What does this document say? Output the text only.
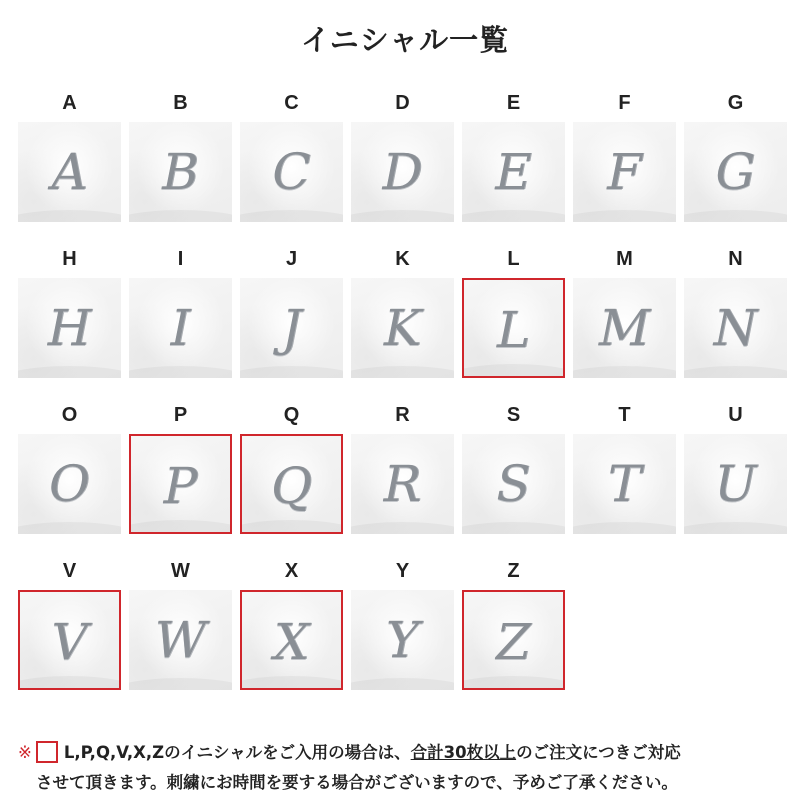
イニシャル一覧
A
A
B
B
C
C
D
D
E
E
F
F
G
G
H
H
I
I
J
J
K
K
L
L
M
M
N
N
O
O
P
P
Q
Q
R
R
S
S
T
T
U
U
V
V
W
W
X
X
Y
Y
Z
Z
※ L,P,Q,V,X,Zのイニシャルをご入用の場合は、合計30枚以上のご注文につきご対応
させて頂きます。刺繍にお時間を要する場合がございますので、予めご了承ください。
